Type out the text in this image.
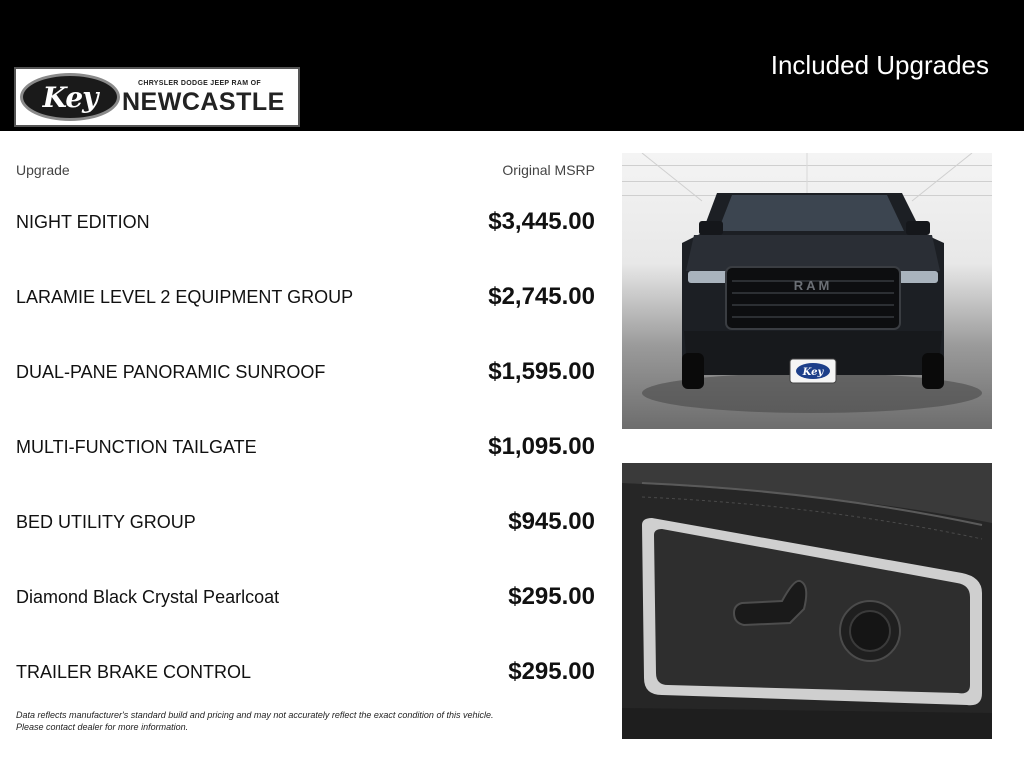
Key	CHRYSLER DODGE JEEP RAM OF
NEWCASTLE
Included Upgrades
Upgrade	Original MSRP
NIGHT EDITION	$3,445.00
LARAMIE LEVEL 2 EQUIPMENT GROUP	$2,745.00
DUAL-PANE PANORAMIC SUNROOF	$1,595.00
MULTI-FUNCTION TAILGATE	$1,095.00
BED UTILITY GROUP	$945.00
Diamond Black Crystal Pearlcoat	$295.00
TRAILER BRAKE CONTROL	$295.00
Data reflects manufacturer's standard build and pricing and may not accurately reflect the exact condition of this vehicle.
Please contact dealer for more information.
RAM
Key
